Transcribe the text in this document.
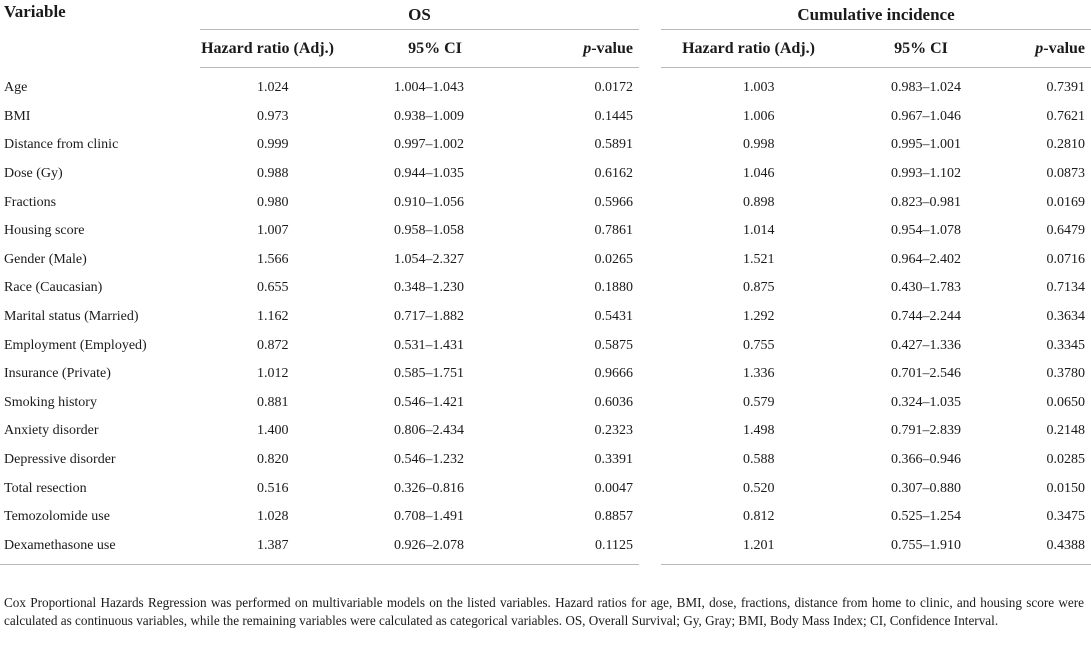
Variable	OS				Cumulative incidence		
	Hazard ratio (Adj.)	95% CI	p-value		Hazard ratio (Adj.)	95% CI	p-value
Age	1.024	1.004–1.043	0.0172		1.003	0.983–1.024	0.7391
BMI	0.973	0.938–1.009	0.1445		1.006	0.967–1.046	0.7621
Distance from clinic	0.999	0.997–1.002	0.5891		0.998	0.995–1.001	0.2810
Dose (Gy)	0.988	0.944–1.035	0.6162		1.046	0.993–1.102	0.0873
Fractions	0.980	0.910–1.056	0.5966		0.898	0.823–0.981	0.0169
Housing score	1.007	0.958–1.058	0.7861		1.014	0.954–1.078	0.6479
Gender (Male)	1.566	1.054–2.327	0.0265		1.521	0.964–2.402	0.0716
Race (Caucasian)	0.655	0.348–1.230	0.1880		0.875	0.430–1.783	0.7134
Marital status (Married)	1.162	0.717–1.882	0.5431		1.292	0.744–2.244	0.3634
Employment (Employed)	0.872	0.531–1.431	0.5875		0.755	0.427–1.336	0.3345
Insurance (Private)	1.012	0.585–1.751	0.9666		1.336	0.701–2.546	0.3780
Smoking history	0.881	0.546–1.421	0.6036		0.579	0.324–1.035	0.0650
Anxiety disorder	1.400	0.806–2.434	0.2323		1.498	0.791–2.839	0.2148
Depressive disorder	0.820	0.546–1.232	0.3391		0.588	0.366–0.946	0.0285
Total resection	0.516	0.326–0.816	0.0047		0.520	0.307–0.880	0.0150
Temozolomide use	1.028	0.708–1.491	0.8857		0.812	0.525–1.254	0.3475
Dexamethasone use	1.387	0.926–2.078	0.1125		1.201	0.755–1.910	0.4388
Cox Proportional Hazards Regression was performed on multivariable models on the listed variables. Hazard ratios for age, BMI, dose, fractions, distance from home to clinic, and housing score were calculated as continuous variables, while the remaining variables were calculated as categorical variables. OS, Overall Survival; Gy, Gray; BMI, Body Mass Index; CI, Confidence Interval.
